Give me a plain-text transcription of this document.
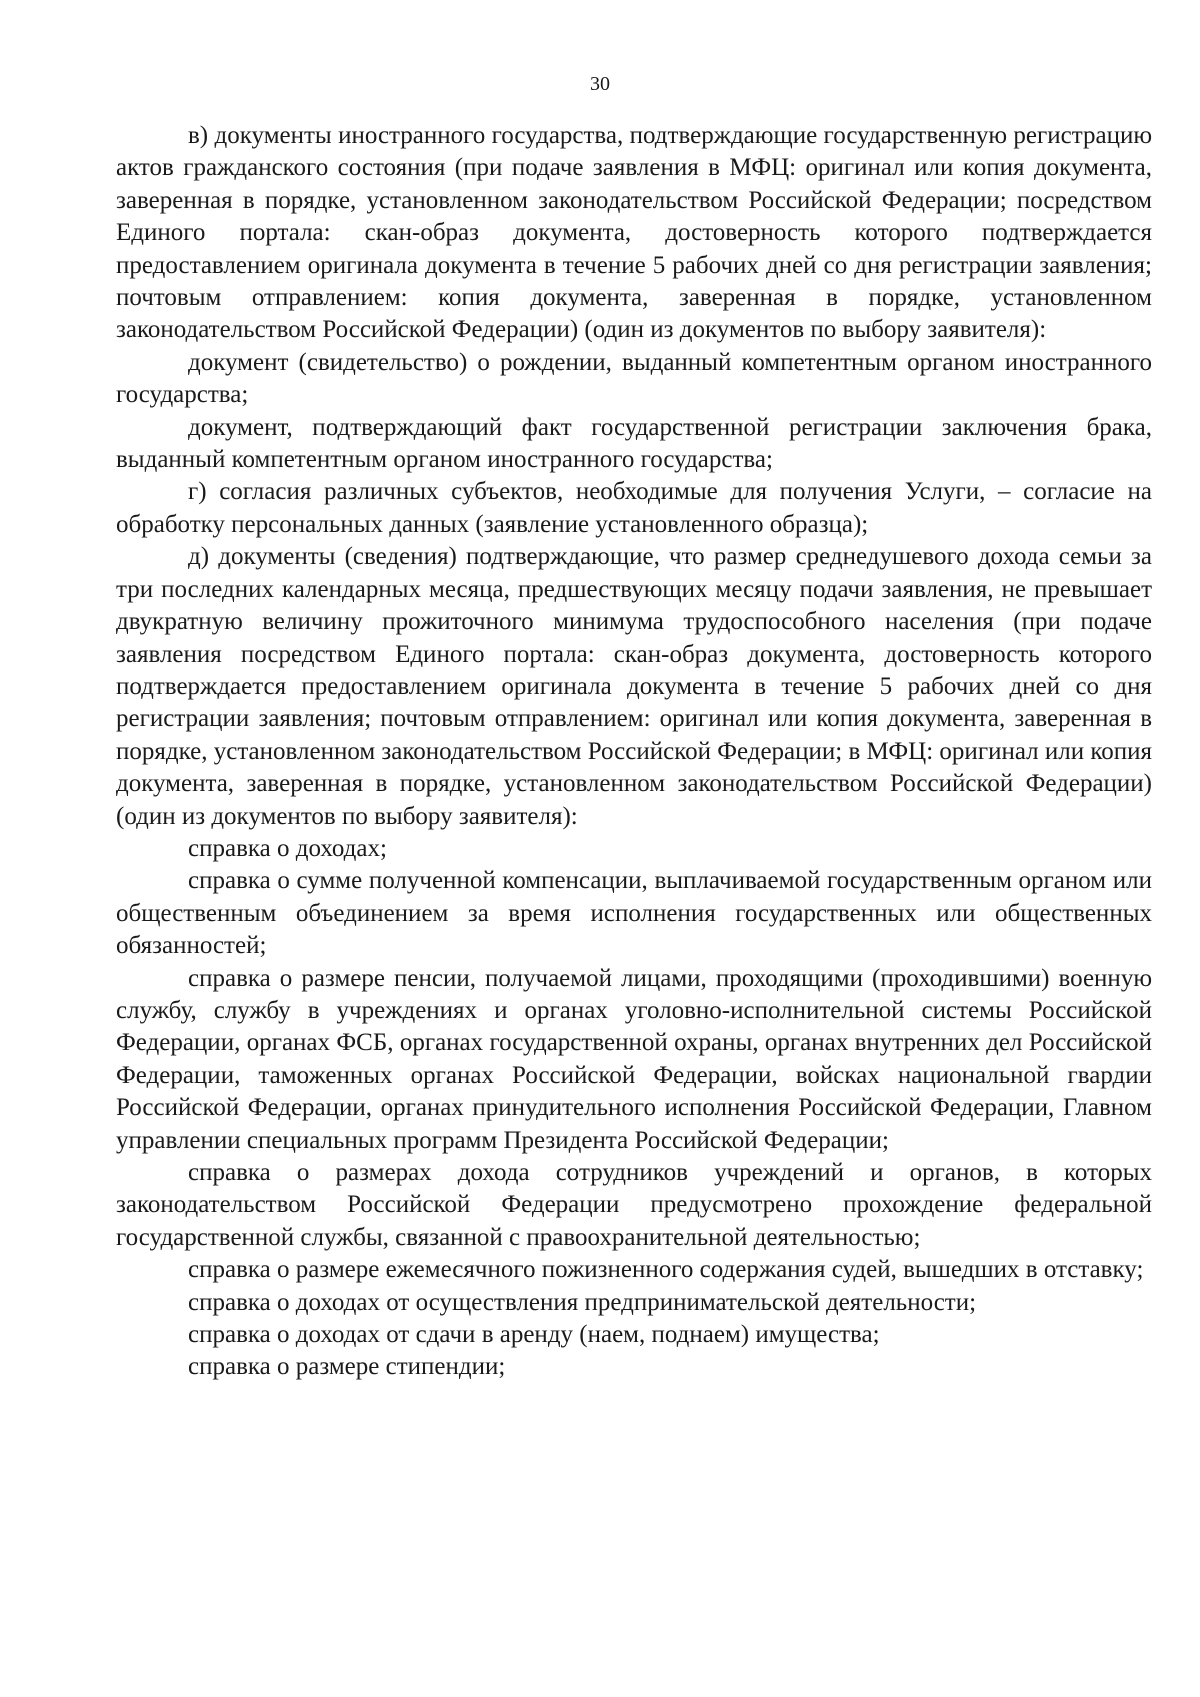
30

в) документы иностранного государства, подтверждающие государственную регистрацию актов гражданского состояния (при подаче заявления в МФЦ: оригинал или копия документа, заверенная в порядке, установленном законодательством Российской Федерации; посредством Единого портала: скан-образ документа, достоверность которого подтверждается предоставлением оригинала документа в течение 5 рабочих дней со дня регистрации заявления; почтовым отправлением: копия документа, заверенная в порядке, установленном законодательством Российской Федерации) (один из документов по выбору заявителя):

документ (свидетельство) о рождении, выданный компетентным органом иностранного государства;

документ, подтверждающий факт государственной регистрации заключения брака, выданный компетентным органом иностранного государства;

г) согласия различных субъектов, необходимые для получения Услуги, – согласие на обработку персональных данных (заявление установленного образца);

д) документы (сведения) подтверждающие, что размер среднедушевого дохода семьи за три последних календарных месяца, предшествующих месяцу подачи заявления, не превышает двукратную величину прожиточного минимума трудоспособного населения (при подаче заявления посредством Единого портала: скан-образ документа, достоверность которого подтверждается предоставлением оригинала документа в течение 5 рабочих дней со дня регистрации заявления; почтовым отправлением: оригинал или копия документа, заверенная в порядке, установленном законодательством Российской Федерации; в МФЦ: оригинал или копия документа, заверенная в порядке, установленном законодательством Российской Федерации) (один из документов по выбору заявителя):

справка о доходах;

справка о сумме полученной компенсации, выплачиваемой государственным органом или общественным объединением за время исполнения государственных или общественных обязанностей;

справка о размере пенсии, получаемой лицами, проходящими (проходившими) военную службу, службу в учреждениях и органах уголовно-исполнительной системы Российской Федерации, органах ФСБ, органах государственной охраны, органах внутренних дел Российской Федерации, таможенных органах Российской Федерации, войсках национальной гвардии Российской Федерации, органах принудительного исполнения Российской Федерации, Главном управлении специальных программ Президента Российской Федерации;

справка о размерах дохода сотрудников учреждений и органов, в которых законодательством Российской Федерации предусмотрено прохождение федеральной государственной службы, связанной с правоохранительной деятельностью;

справка о размере ежемесячного пожизненного содержания судей, вышедших в отставку;

справка о доходах от осуществления предпринимательской деятельности;

справка о доходах от сдачи в аренду (наем, поднаем) имущества;

справка о размере стипендии;
